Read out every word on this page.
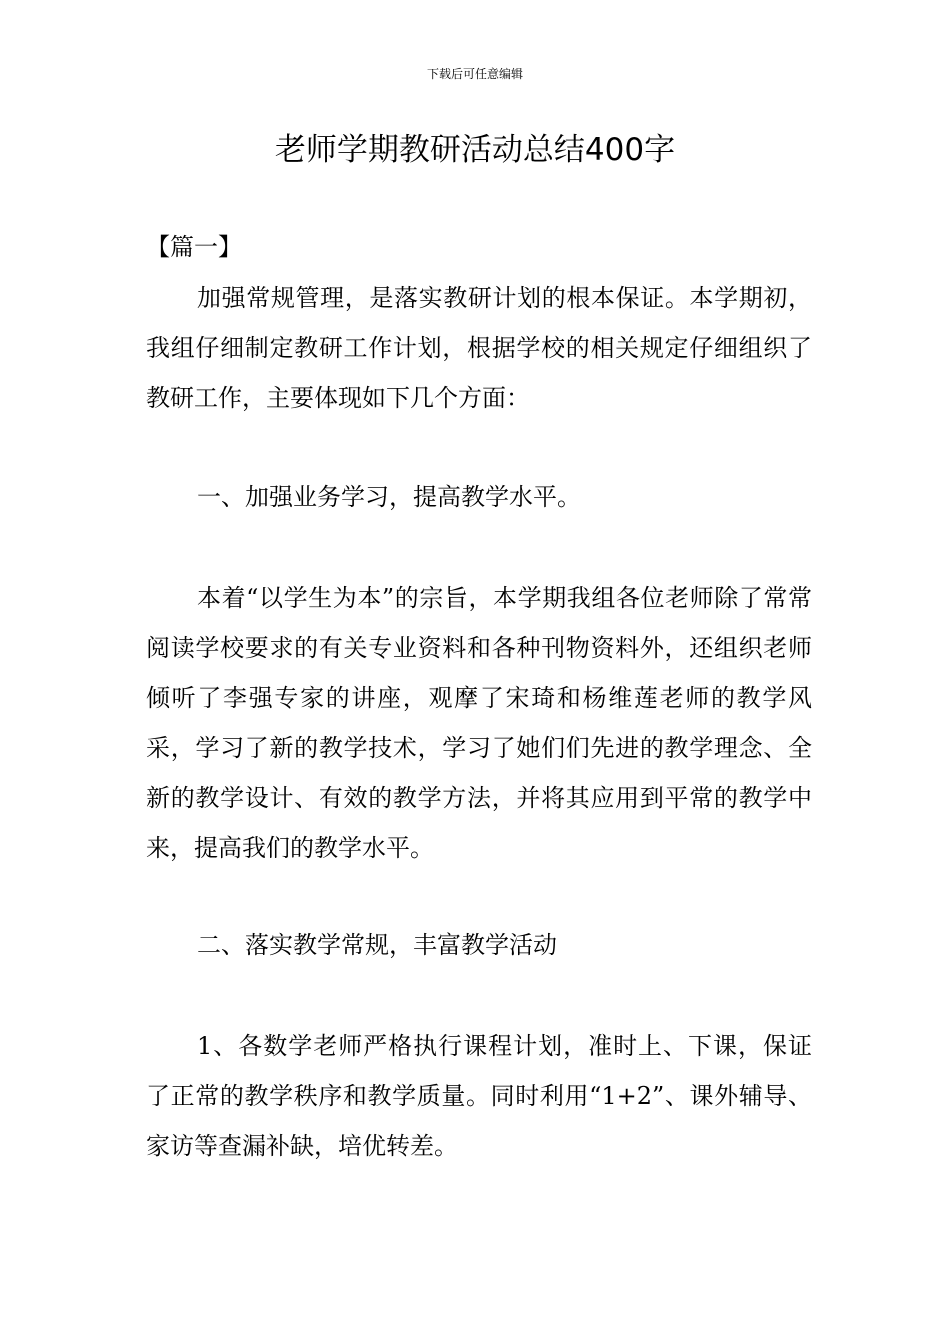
下载后可任意编辑
老师学期教研活动总结400字

【篇一】

加强常规管理，是落实教研计划的根本保证。本学期初，我组仔细制定教研工作计划，根据学校的相关规定仔细组织了教研工作，主要体现如下几个方面：

一、加强业务学习，提高教学水平。

本着“以学生为本”的宗旨，本学期我组各位老师除了常常阅读学校要求的有关专业资料和各种刊物资料外，还组织老师倾听了李强专家的讲座，观摩了宋琦和杨维莲老师的教学风采，学习了新的教学技术，学习了她们们先进的教学理念、全新的教学设计、有效的教学方法，并将其应用到平常的教学中来，提高我们的教学水平。

二、落实教学常规，丰富教学活动

1、各数学老师严格执行课程计划，准时上、下课，保证了正常的教学秩序和教学质量。同时利用“1+2”、课外辅导、家访等查漏补缺，培优转差。
